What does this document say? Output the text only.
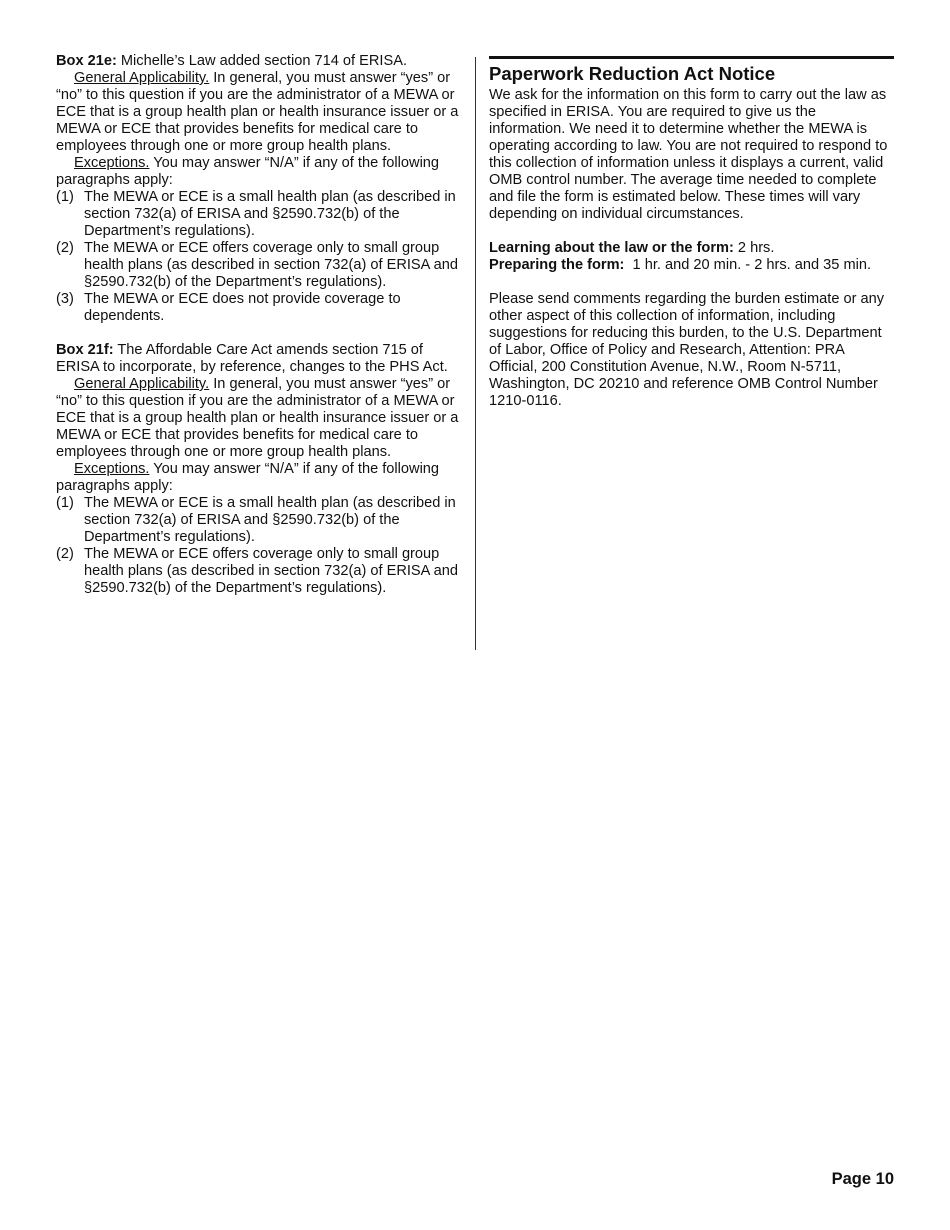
Box 21e: Michelle’s Law added section 714 of ERISA.

General Applicability. In general, you must answer “yes” or “no” to this question if you are the administrator of a MEWA or ECE that is a group health plan or health insurance issuer or a MEWA or ECE that provides benefits for medical care to employees through one or more group health plans.

Exceptions. You may answer “N/A” if any of the following paragraphs apply:

(1) The MEWA or ECE is a small health plan (as described in section 732(a) of ERISA and §2590.732(b) of the Department’s regulations).
(2) The MEWA or ECE offers coverage only to small group health plans (as described in section 732(a) of ERISA and §2590.732(b) of the Department’s regulations).
(3) The MEWA or ECE does not provide coverage to dependents.

Box 21f: The Affordable Care Act amends section 715 of ERISA to incorporate, by reference, changes to the PHS Act.

General Applicability. In general, you must answer “yes” or “no” to this question if you are the administrator of a MEWA or ECE that is a group health plan or health insurance issuer or a MEWA or ECE that provides benefits for medical care to employees through one or more group health plans.

Exceptions. You may answer “N/A” if any of the following paragraphs apply:

(1) The MEWA or ECE is a small health plan (as described in section 732(a) of ERISA and §2590.732(b) of the Department’s regulations).
(2) The MEWA or ECE offers coverage only to small group health plans (as described in section 732(a) of ERISA and §2590.732(b) of the Department’s regulations).
Paperwork Reduction Act Notice

We ask for the information on this form to carry out the law as specified in ERISA. You are required to give us the information. We need it to determine whether the MEWA is operating according to law. You are not required to respond to this collection of information unless it displays a current, valid OMB control number. The average time needed to complete and file the form is estimated below. These times will vary depending on individual circumstances.

Learning about the law or the form: 2 hrs.

Preparing the form:  1 hr. and 20 min. - 2 hrs. and 35 min.

Please send comments regarding the burden estimate or any other aspect of this collection of information, including suggestions for reducing this burden, to the U.S. Department of Labor, Office of Policy and Research, Attention: PRA Official, 200 Constitution Avenue, N.W., Room N-5711, Washington, DC 20210 and reference OMB Control Number 1210-0116.

Page 10
